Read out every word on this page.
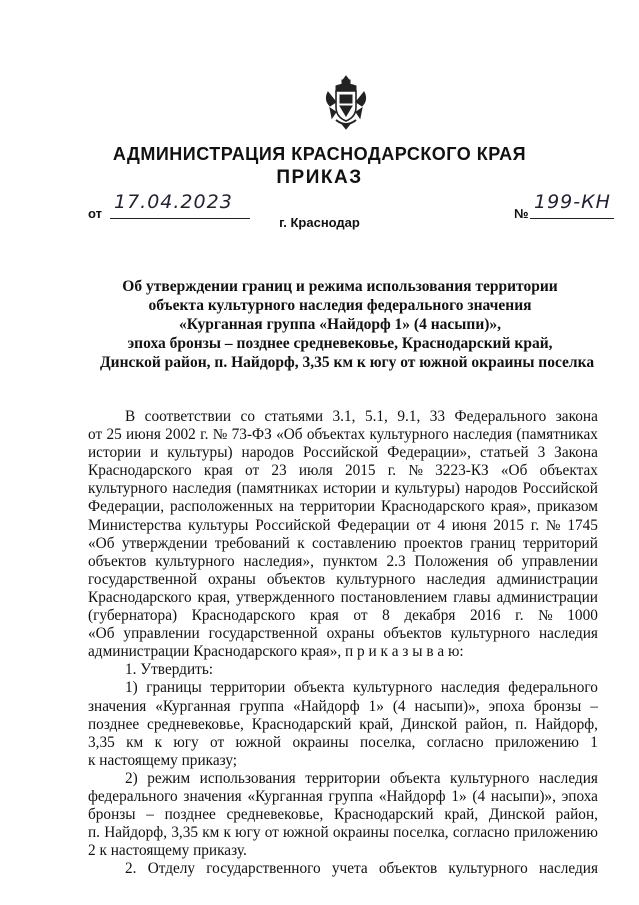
АДМИНИСТРАЦИЯ КРАСНОДАРСКОГО КРАЯ
ПРИКАЗ
от
17.04.2023
№
199-КН
г. Краснодар
Об утверждении границ и режима использования территории
объекта культурного наследия федерального значения
«Курганная группа «Найдорф 1» (4 насыпи)»,
эпоха бронзы – позднее средневековье, Краснодарский край,
Динской район, п. Найдорф, 3,35 км к югу от южной окраины поселка
В соответствии со статьями 3.1, 5.1, 9.1, 33 Федерального закона
от 25 июня 2002 г. № 73-ФЗ «Об объектах культурного наследия (памятниках
истории и культуры) народов Российской Федерации», статьей 3 Закона
Краснодарского края от 23 июля 2015 г. № 3223-КЗ «Об объектах
культурного наследия (памятниках истории и культуры) народов Российской
Федерации, расположенных на территории Краснодарского края», приказом
Министерства культуры Российской Федерации от 4 июня 2015 г. № 1745
«Об утверждении требований к составлению проектов границ территорий
объектов культурного наследия», пунктом 2.3 Положения об управлении
государственной охраны объектов культурного наследия администрации
Краснодарского края, утвержденного постановлением главы администрации
(губернатора) Краснодарского края от 8 декабря 2016 г. № 1000
«Об управлении государственной охраны объектов культурного наследия
администрации Краснодарского края», п р и к а з ы в а ю:
1. Утвердить:
1) границы территории объекта культурного наследия федерального
значения «Курганная группа «Найдорф 1» (4 насыпи)», эпоха бронзы –
позднее средневековье, Краснодарский край, Динской район, п. Найдорф,
3,35 км к югу от южной окраины поселка, согласно приложению 1
к настоящему приказу;
2) режим использования территории объекта культурного наследия
федерального значения «Курганная группа «Найдорф 1» (4 насыпи)», эпоха
бронзы – позднее средневековье, Краснодарский край, Динской район,
п. Найдорф, 3,35 км к югу от южной окраины поселка, согласно приложению
2 к настоящему приказу.
2. Отделу государственного учета объектов культурного наследия
